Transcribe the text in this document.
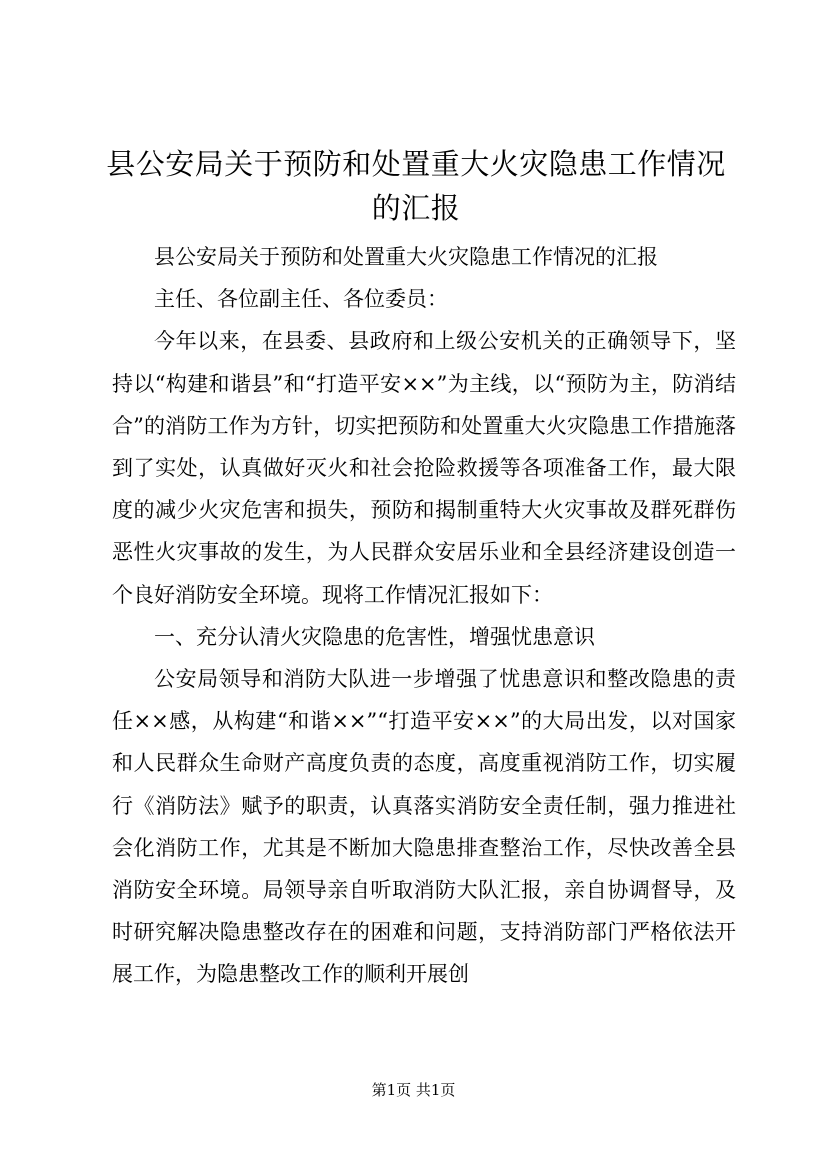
县公安局关于预防和处置重大火灾隐患工作情况的汇报

县公安局关于预防和处置重大火灾隐患工作情况的汇报

主任、各位副主任、各位委员：

今年以来，在县委、县政府和上级公安机关的正确领导下，坚持以“构建和谐县”和“打造平安××”为主线，以“预防为主，防消结合”的消防工作为方针，切实把预防和处置重大火灾隐患工作措施落到了实处，认真做好灭火和社会抢险救援等各项准备工作，最大限度的减少火灾危害和损失，预防和揭制重特大火灾事故及群死群伤恶性火灾事故的发生，为人民群众安居乐业和全县经济建设创造一个良好消防安全环境。现将工作情况汇报如下：

一、充分认清火灾隐患的危害性，增强忧患意识

公安局领导和消防大队进一步增强了忧患意识和整改隐患的责任××感，从构建“和谐××”“打造平安××”的大局出发，以对国家和人民群众生命财产高度负责的态度，高度重视消防工作，切实履行《消防法》赋予的职责，认真落实消防安全责任制，强力推进社会化消防工作，尤其是不断加大隐患排查整治工作，尽快改善全县消防安全环境。局领导亲自听取消防大队汇报，亲自协调督导，及时研究解决隐患整改存在的困难和问题，支持消防部门严格依法开展工作，为隐患整改工作的顺利开展创

第1页 共1页
